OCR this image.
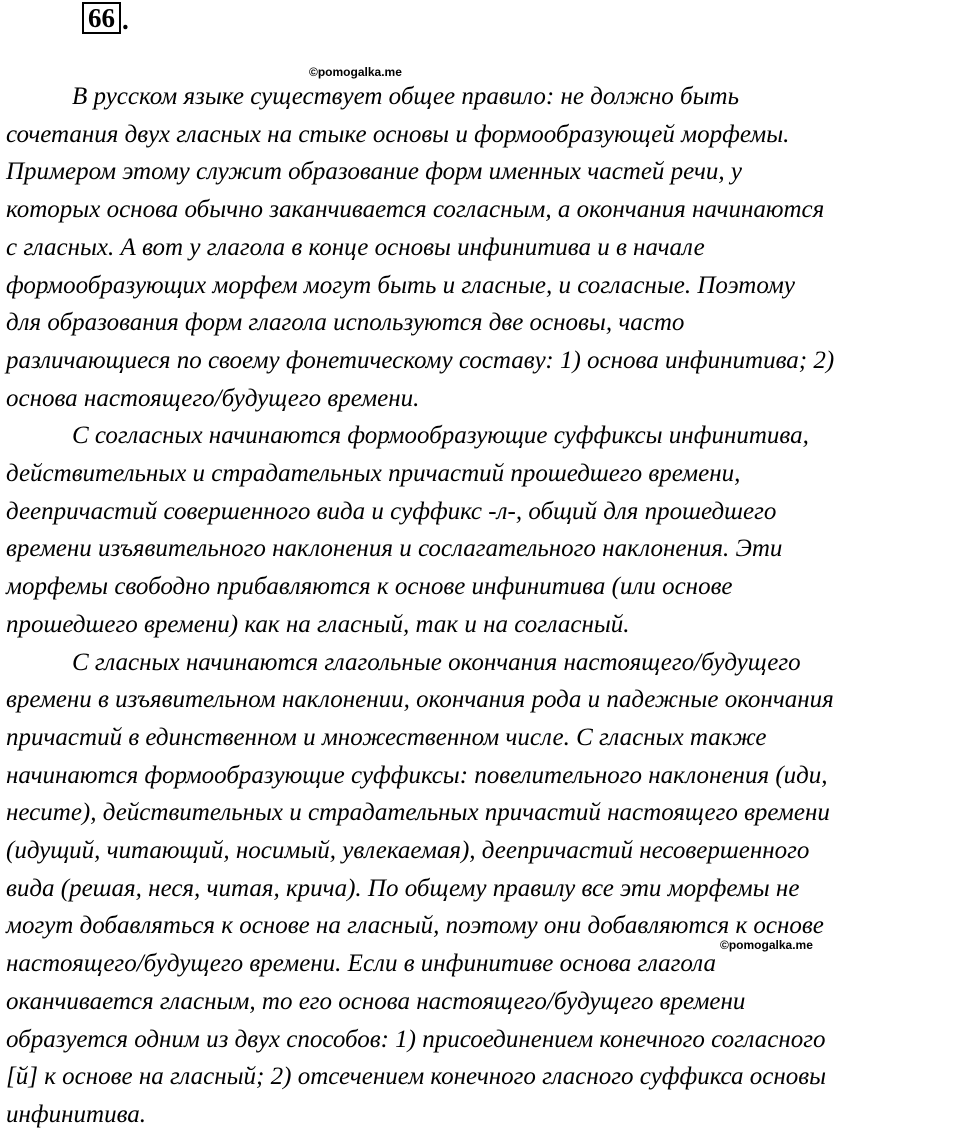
66 .
©pomogalka.me
В русском языке существует общее правило: не должно быть
сочетания двух гласных на стыке основы и формообразующей морфемы.
Примером этому служит образование форм именных частей речи, у
которых основа обычно заканчивается согласным, а окончания начинаются
с гласных. А вот у глагола в конце основы инфинитива и в начале
формообразующих морфем могут быть и гласные, и согласные. Поэтому
для образования форм глагола используются две основы, часто
различающиеся по своему фонетическому составу: 1) основа инфинитива; 2)
основа настоящего/будущего времени.
С согласных начинаются формообразующие суффиксы инфинитива,
действительных и страдательных причастий прошедшего времени,
деепричастий совершенного вида и суффикс -л-, общий для прошедшего
времени изъявительного наклонения и сослагательного наклонения. Эти
морфемы свободно прибавляются к основе инфинитива (или основе
прошедшего времени) как на гласный, так и на согласный.
С гласных начинаются глагольные окончания настоящего/будущего
времени в изъявительном наклонении, окончания рода и падежные окончания
причастий в единственном и множественном числе. С гласных также
начинаются формообразующие суффиксы: повелительного наклонения (иди,
несите), действительных и страдательных причастий настоящего времени
(идущий, читающий, носимый, увлекаемая), деепричастий несовершенного
вида (решая, неся, читая, крича). По общему правилу все эти морфемы не
могут добавляться к основе на гласный, поэтому они добавляются к основе
настоящего/будущего времени. Если в инфинитиве основа глагола
оканчивается гласным, то его основа настоящего/будущего времени
образуется одним из двух способов: 1) присоединением конечного согласного
[й] к основе на гласный; 2) отсечением конечного гласного суффикса основы
инфинитива.
©pomogalka.me
